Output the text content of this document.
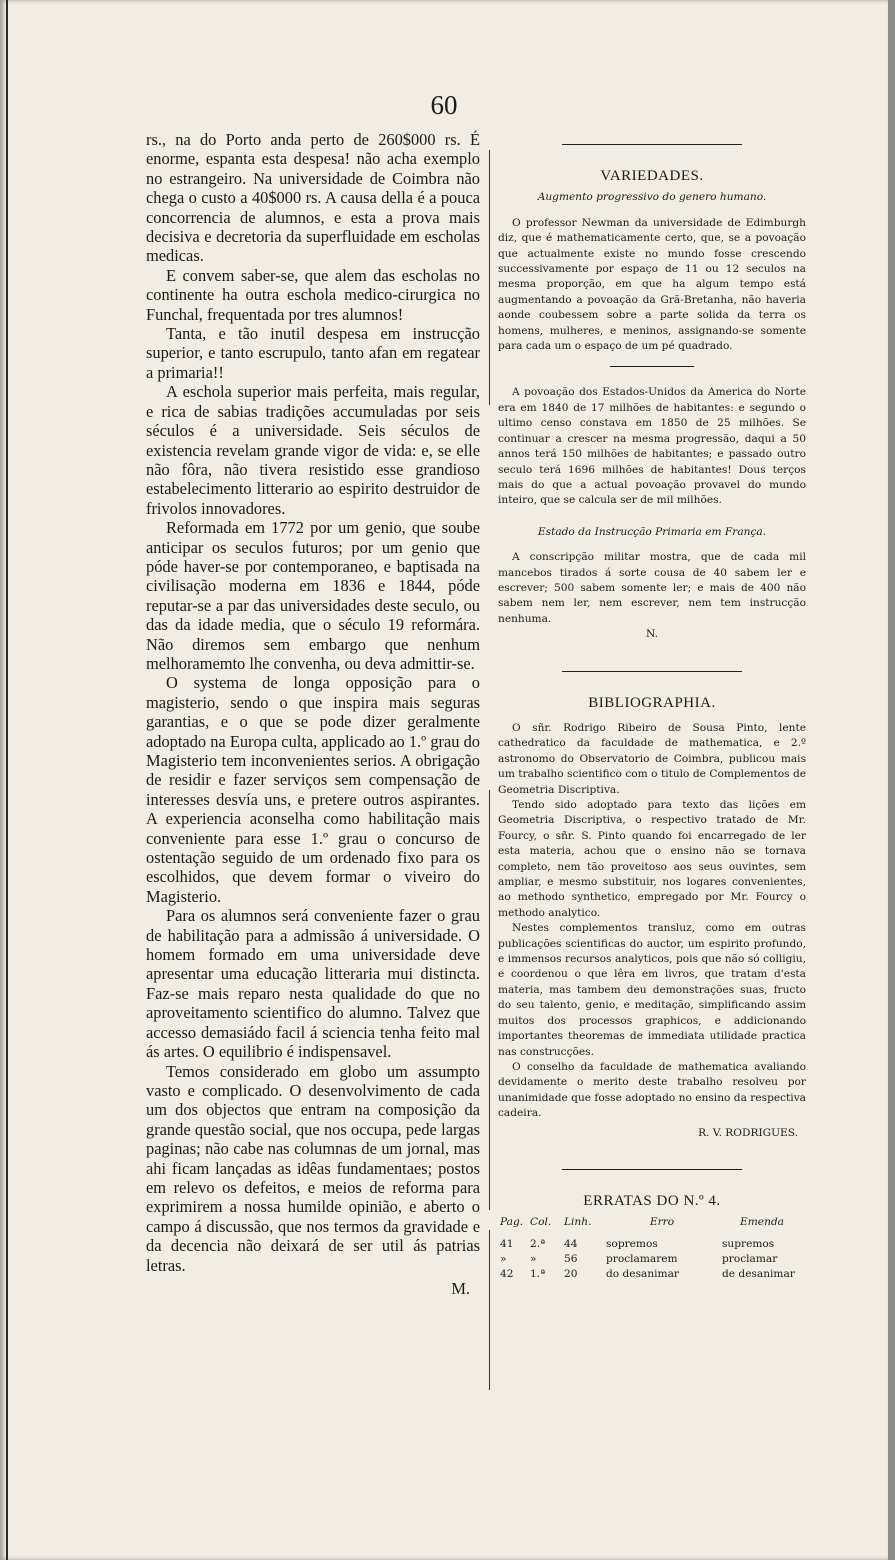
60

rs., na do Porto anda perto de 260$000 rs. É enorme, espanta esta despesa! não acha exemplo no estrangeiro. Na universidade de Coimbra não chega o custo a 40$000 rs. A causa della é a pouca concorrencia de alumnos, e esta a prova mais decisiva e decretoria da superfluidade em escholas medicas.

E convem saber-se, que alem das escholas no continente ha outra eschola medico-cirurgica no Funchal, frequentada por tres alumnos!

Tanta, e tão inutil despesa em instrucção superior, e tanto escrupulo, tanto afan em regatear a primaria!!

A eschola superior mais perfeita, mais regular, e rica de sabias tradições accumuladas por seis séculos é a universidade. Seis séculos de existencia revelam grande vigor de vida: e, se elle não fôra, não tivera resistido esse grandioso estabelecimento litterario ao espirito destruidor de frivolos innovadores.

Reformada em 1772 por um genio, que soube anticipar os seculos futuros; por um genio que póde haver-se por contemporaneo, e baptisada na civilisação moderna em 1836 e 1844, póde reputar-se a par das universidades deste seculo, ou das da idade media, que o século 19 reformára. Não diremos sem embargo que nenhum melhoramemto lhe convenha, ou deva admittir-se.

O systema de longa opposição para o magisterio, sendo o que inspira mais seguras garantias, e o que se pode dizer geralmente adoptado na Europa culta, applicado ao 1.º grau do Magisterio tem inconvenientes serios. A obrigação de residir e fazer serviços sem compensação de interesses desvía uns, e pretere outros aspirantes. A experiencia aconselha como habilitação mais conveniente para esse 1.º grau o concurso de ostentação seguido de um ordenado fixo para os escolhidos, que devem formar o viveiro do Magisterio.

Para os alumnos será conveniente fazer o grau de habilitação para a admissão á universidade. O homem formado em uma universidade deve apresentar uma educação litteraria mui distincta. Faz-se mais reparo nesta qualidade do que no aproveitamento scientifico do alumno. Talvez que accesso demasiádo facil á sciencia tenha feito mal ás artes. O equilibrio é indispensavel.

Temos considerado em globo um assumpto vasto e complicado. O desenvolvimento de cada um dos objectos que entram na composição da grande questão social, que nos occupa, pede largas paginas; não cabe nas columnas de um jornal, mas ahi ficam lançadas as idêas fundamentaes; postos em relevo os defeitos, e meios de reforma para exprimirem a nossa humilde opinião, e aberto o campo á discussão, que nos termos da gravidade e da decencia não deixará de ser util ás patrias letras.

M.
VARIEDADES.
Augmento progressivo do genero humano.

O professor Newman da universidade de Edimburgh diz, que é mathematicamente certo, que, se a povoação que actualmente existe no mundo fosse crescendo successivamente por espaço de 11 ou 12 seculos na mesma proporção, em que ha algum tempo está augmentando a povoação da Grã-Bretanha, não haveria aonde coubessem sobre a parte solida da terra os homens, mulheres, e meninos, assignando-se somente para cada um o espaço de um pé quadrado.

A povoação dos Estados-Unidos da America do Norte era em 1840 de 17 milhões de habitantes: e segundo o ultimo censo constava em 1850 de 25 milhões. Se continuar a crescer na mesma progressão, daqui a 50 annos terá 150 milhões de habitantes; e passado outro seculo terá 1696 milhões de habitantes! Dous terços mais do que a actual povoação provavel do mundo inteiro, que se calcula ser de mil milhões.

Estado da Instrucção Primaria em França.

A conscripção militar mostra, que de cada mil mancebos tirados á sorte cousa de 40 sabem ler e escrever; 500 sabem somente ler; e mais de 400 não sabem nem ler, nem escrever, nem tem instrucção nenhuma.

N.
BIBLIOGRAPHIA.

O sñr. Rodrigo Ribeiro de Sousa Pinto, lente cathedratico da faculdade de mathematica, e 2.º astronomo do Observatorio de Coimbra, publicou mais um trabalho scientifico com o titulo de Complementos de Geometria Discriptiva.

Tendo sido adoptado para texto das lições em Geometria Discriptiva, o respectivo tratado de Mr. Fourcy, o sñr. S. Pinto quando foi encarregado de ler esta materia, achou que o ensino não se tornava completo, nem tão proveitoso aos seus ouvintes, sem ampliar, e mesmo substituir, nos logares convenientes, ao methodo synthetico, empregado por Mr. Fourcy o methodo analytico.

Nestes complementos transluz, como em outras publicações scientificas do auctor, um espirito profundo, e immensos recursos analyticos, pois que não só colligiu, e coordenou o que lêra em livros, que tratam d'esta materia, mas tambem deu demonstrações suas, fructo do seu talento, genio, e meditação, simplificando assim muitos dos processos graphicos, e addicionando importantes theoremas de immediata utilidade practica nas construcções.

O conselho da faculdade de mathematica avaliando devidamente o merito deste trabalho resolveu por unanimidade que fosse adoptado no ensino da respectiva cadeira.

R. V. RODRIGUES.
ERRATAS DO N.º 4.
Pag.	Col.	Linh.	Erro	Emenda
41	2.ª	44	sopremos	supremos
»	»	56	proclamarem	proclamar
42	1.ª	20	do desanimar	de desanimar
